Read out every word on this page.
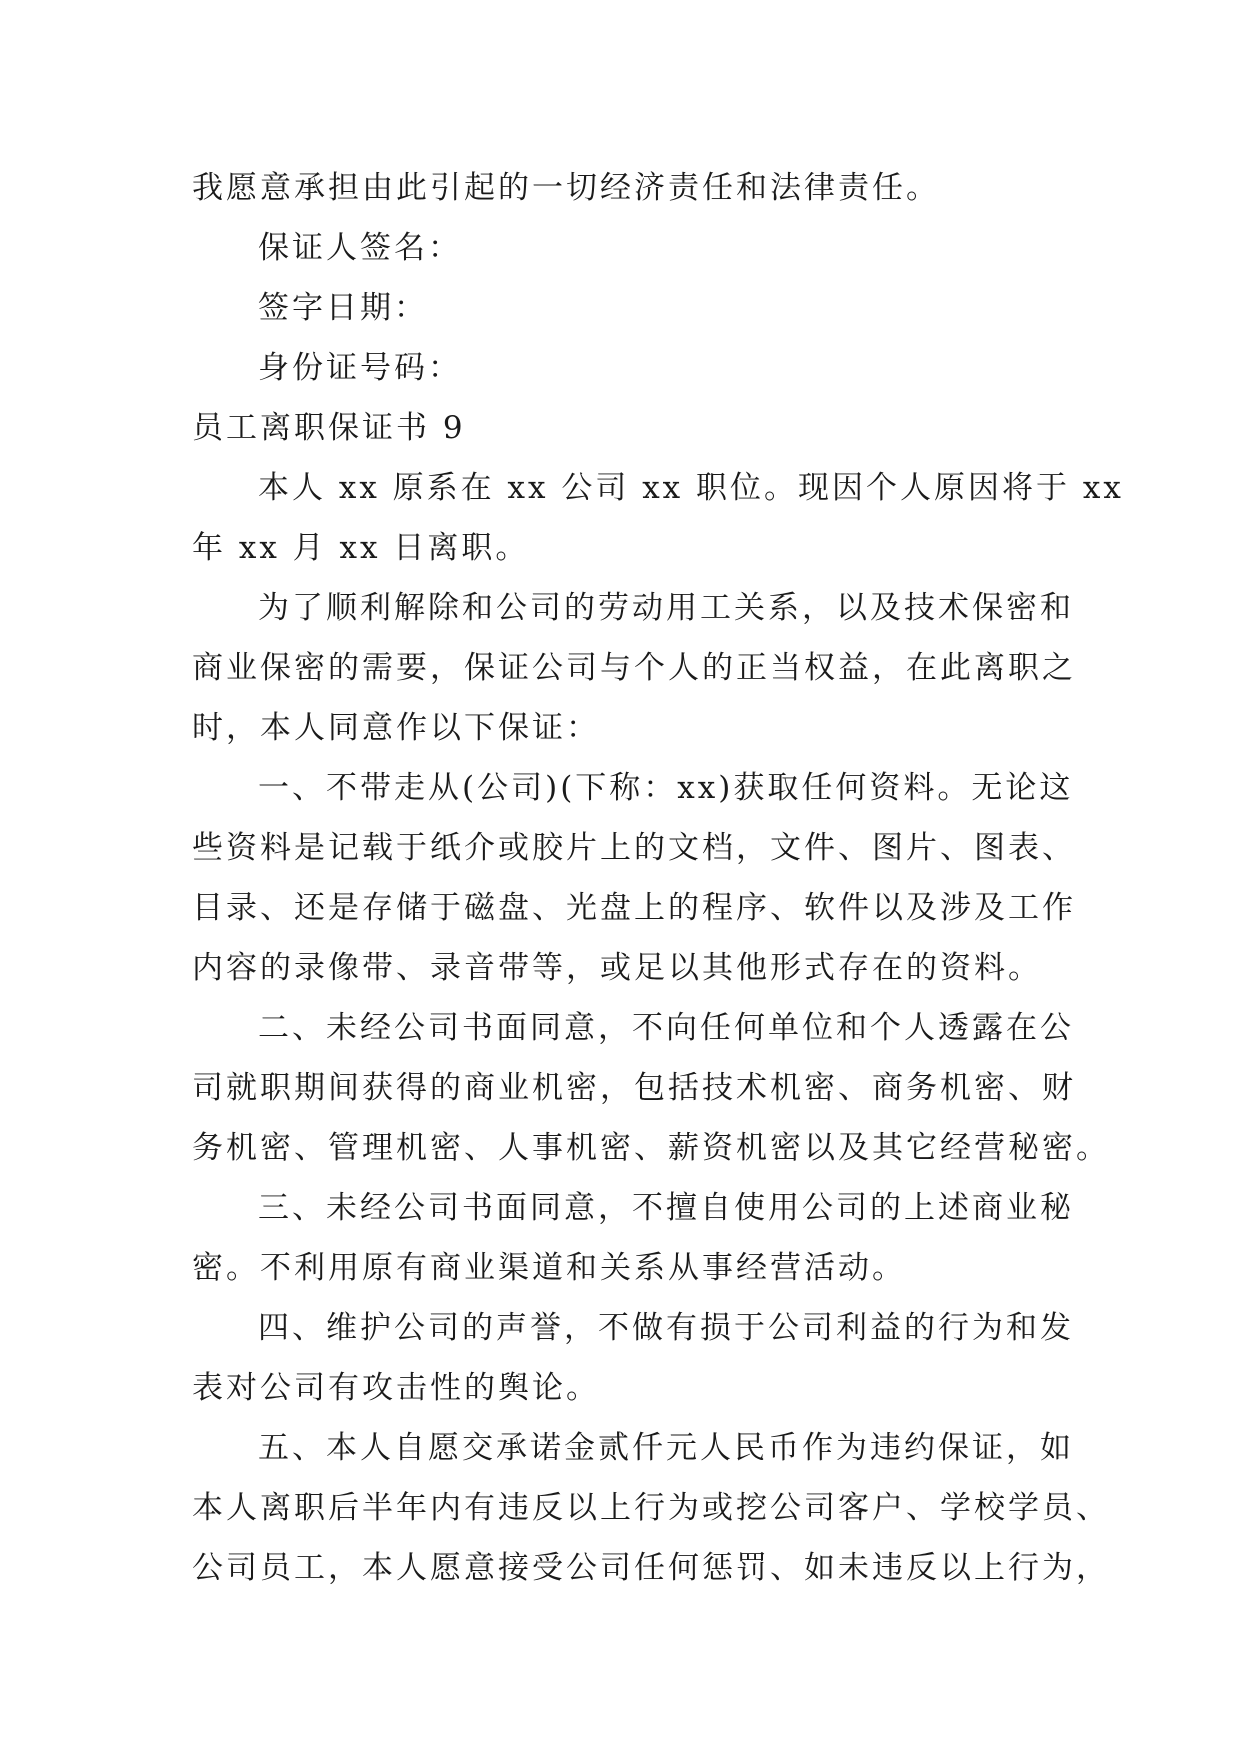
我愿意承担由此引起的一切经济责任和法律责任。
保证人签名：
签字日期：
身份证号码：
员工离职保证书 9
本人 xx 原系在 xx 公司 xx 职位。现因个人原因将于 xx
年 xx 月 xx 日离职。
为了顺利解除和公司的劳动用工关系，以及技术保密和
商业保密的需要，保证公司与个人的正当权益，在此离职之
时，本人同意作以下保证：
一、不带走从(公司)(下称：xx)获取任何资料。无论这
些资料是记载于纸介或胶片上的文档，文件、图片、图表、
目录、还是存储于磁盘、光盘上的程序、软件以及涉及工作
内容的录像带、录音带等，或足以其他形式存在的资料。
二、未经公司书面同意，不向任何单位和个人透露在公
司就职期间获得的商业机密，包括技术机密、商务机密、财
务机密、管理机密、人事机密、薪资机密以及其它经营秘密。
三、未经公司书面同意，不擅自使用公司的上述商业秘
密。不利用原有商业渠道和关系从事经营活动。
四、维护公司的声誉，不做有损于公司利益的行为和发
表对公司有攻击性的舆论。
五、本人自愿交承诺金贰仟元人民币作为违约保证，如
本人离职后半年内有违反以上行为或挖公司客户、学校学员、
公司员工，本人愿意接受公司任何惩罚、如未违反以上行为，
